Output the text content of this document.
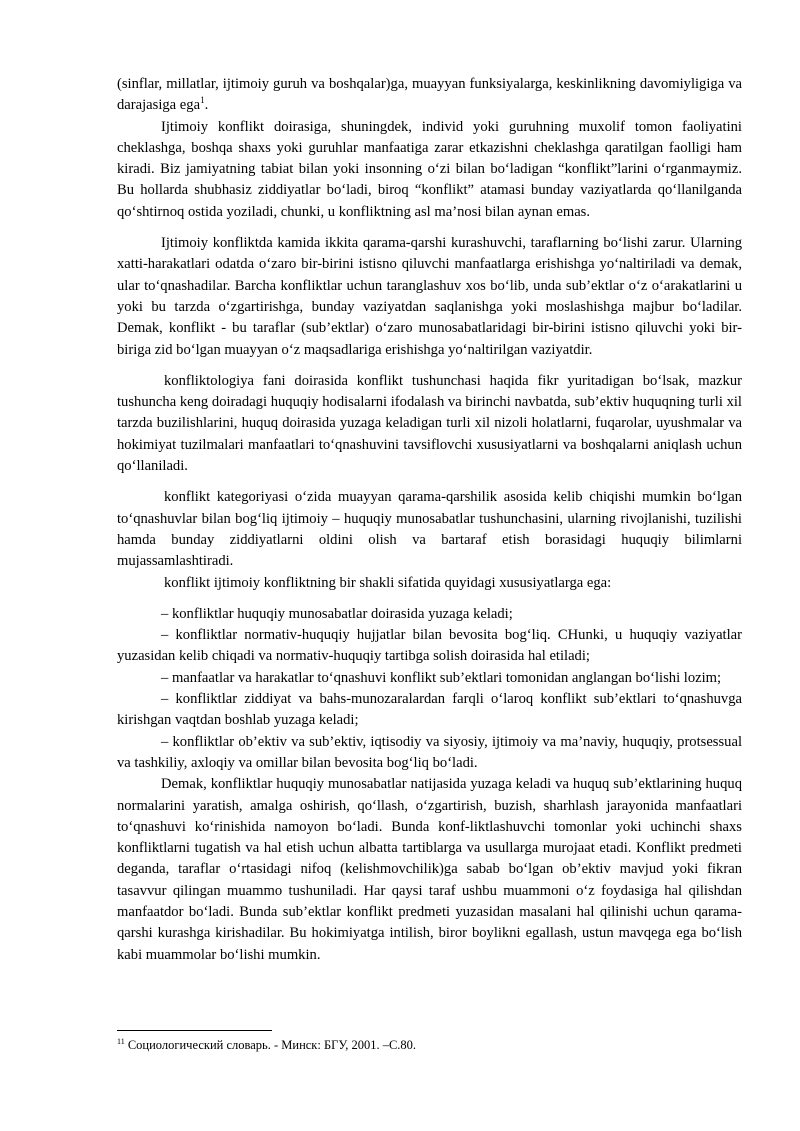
(sinflar, millatlar, ijtimoiy guruh va boshqalar)ga, muayyan funksiyalarga, keskinlikning davomiyligiga va darajasiga ega$^1$.

Ijtimoiy konflikt doirasiga, shuningdek, individ yoki guruhning muxolif tomon faoliyatini cheklashga, boshqa shaxs yoki guruhlar manfaatiga zarar etkazishni cheklashga qaratilgan faolligi ham kiradi. Biz jamiyatning tabiat bilan yoki insonning o‘zi bilan bo‘ladigan “konflikt”larini o‘rganmaymiz. Bu hollarda shubhasiz ziddiyatlar bo‘ladi, biroq “konflikt” atamasi bunday vaziyatlarda qo‘llanilganda qo‘shtirnoq ostida yoziladi, chunki, u konfliktning asl ma’nosi bilan aynan emas.

Ijtimoiy konfliktda kamida ikkita qarama-qarshi kurashuvchi, taraflarning bo‘lishi zarur. Ularning xatti-harakatlari odatda o‘zaro bir-birini istisno qiluvchi manfaatlarga erishishga yo‘naltiriladi va demak, ular to‘qnashadilar. Barcha konfliktlar uchun taranglashuv xos bo‘lib, unda sub’ektlar o‘z o‘arakatlarini u yoki bu tarzda o‘zgartirishga, bunday vaziyatdan saqlanishga yoki moslashishga majbur bo‘ladilar. Demak, konflikt - bu taraflar (sub’ektlar) o‘zaro munosabatlaridagi bir-birini istisno qiluvchi yoki bir-biriga zid bo‘lgan muayyan o‘z maqsadlariga erishishga yo‘naltirilgan vaziyatdir.

konfliktologiya fani doirasida konflikt tushunchasi haqida fikr yuritadigan bo‘lsak, mazkur tushuncha keng doiradagi huquqiy hodisalarni ifodalash va birinchi navbatda, sub’ektiv huquqning turli xil tarzda buzilishlarini, huquq doirasida yuzaga keladigan turli xil nizoli holatlarni, fuqarolar, uyushmalar va hokimiyat tuzilmalari manfaatlari to‘qnashuvini tavsiflovchi xususiyatlarni va boshqalarni aniqlash uchun qo‘llaniladi.

konflikt kategoriyasi o‘zida muayyan qarama-qarshilik asosida kelib chiqishi mumkin bo‘lgan to‘qnashuvlar bilan bog‘liq ijtimoiy – huquqiy munosabatlar tushunchasini, ularning rivojlanishi, tuzilishi hamda bunday ziddiyatlarni oldini olish va bartaraf etish borasidagi huquqiy bilimlarni mujassamlashtiradi.

konflikt ijtimoiy konfliktning bir shakli sifatida quyidagi xususiyatlarga ega:

– konfliktlar huquqiy munosabatlar doirasida yuzaga keladi;

– konfliktlar normativ-huquqiy hujjatlar bilan bevosita bog‘liq. CHunki, u huquqiy vaziyatlar yuzasidan kelib chiqadi va normativ-huquqiy tartibga solish doirasida hal etiladi;

– manfaatlar va harakatlar to‘qnashuvi konflikt sub’ektlari tomonidan anglangan bo‘lishi lozim;

– konfliktlar ziddiyat va bahs-munozaralardan farqli o‘laroq konflikt sub’ektlari to‘qnashuvga kirishgan vaqtdan boshlab yuzaga keladi;

– konfliktlar ob’ektiv va sub’ektiv, iqtisodiy va siyosiy, ijtimoiy va ma’naviy, huquqiy, protsessual va tashkiliy, axloqiy va omillar bilan bevosita bog‘liq bo‘ladi.

Demak, konfliktlar huquqiy munosabatlar natijasida yuzaga keladi va huquq sub’ektlarining huquq normalarini yaratish, amalga oshirish, qo‘llash, o‘zgartirish, buzish, sharhlash jarayonida manfaatlari to‘qnashuvi ko‘rinishida namoyon bo‘ladi. Bunda konf-liktlashuvchi tomonlar yoki uchinchi shaxs konfliktlarni tugatish va hal etish uchun albatta tartiblarga va usullarga murojaat etadi. Konflikt predmeti deganda, taraflar o‘rtasidagi nifoq (kelishmovchilik)ga sabab bo‘lgan ob’ektiv mavjud yoki fikran tasavvur qilingan muammo tushuniladi. Har qaysi taraf ushbu muammoni o‘z foydasiga hal qilishdan manfaatdor bo‘ladi. Bunda sub’ektlar konflikt predmeti yuzasidan masalani hal qilinishi uchun qarama-qarshi kurashga kirishadilar. Bu hokimiyatga intilish, biror boylikni egallash, ustun mavqega ega bo‘lish kabi muammolar bo‘lishi mumkin.

$^{11}$ Социологический словарь. - Минск: БГУ, 2001. –С.80.
